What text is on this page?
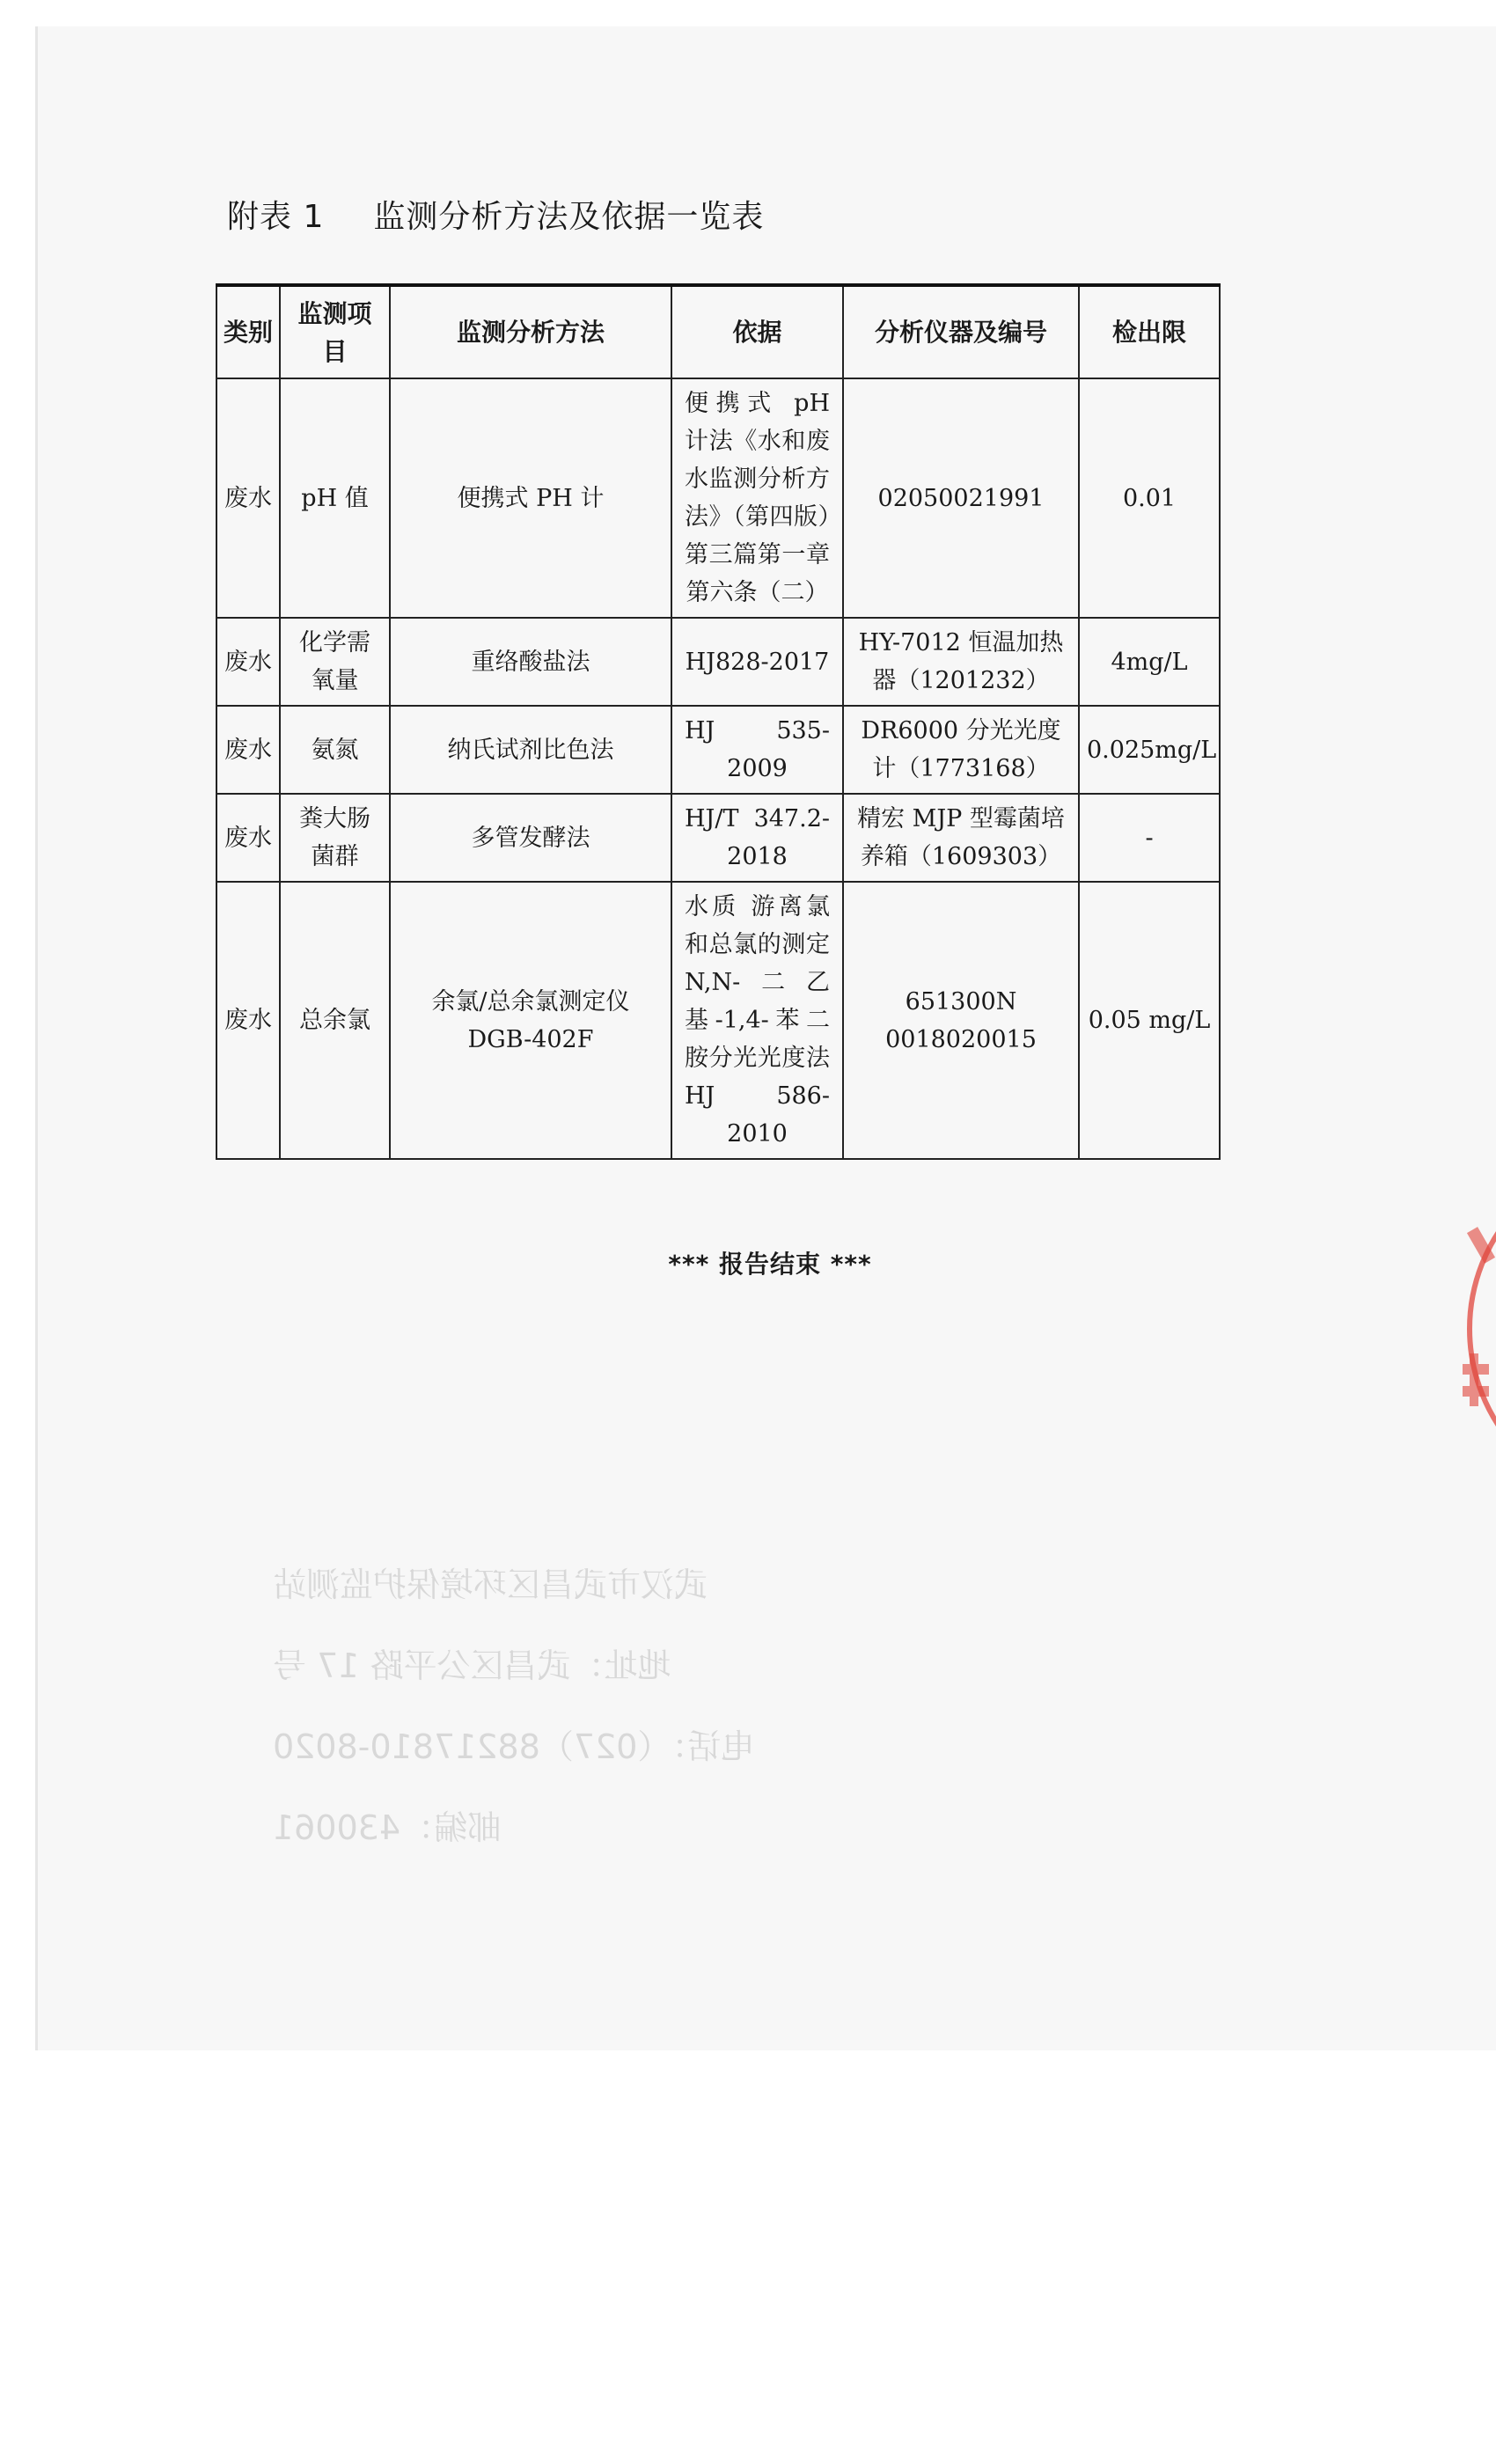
附表 1 监测分析方法及依据一览表
类别	监测项目	监测分析方法	依据	分析仪器及编号	检出限
废水	pH 值	便携式 PH 计	便携式 pH 计法《水和废水监测分析方法》（第四版）第三篇第一章第六条（二）	02050021991	0.01
废水	化学需氧量	重络酸盐法	HJ828-2017	HY-7012 恒温加热器（1201232）	4mg/L
废水	氨氮	纳氏试剂比色法	HJ 535-2009	DR6000 分光光度计（1773168）	0.025mg/L
废水	粪大肠菌群	多管发酵法	HJ/T 347.2-2018	精宏 MJP 型霉菌培养箱（1609303）	-
废水	总余氯	余氯/总余氯测定仪 DGB-402F	水质 游离氯和总氯的测定 N,N-二乙基-1,4-苯二胺分光光度法 HJ 586-2010	651300N 0018020015	0.05 mg/L
*** 报告结束 ***
武汉市武昌区环境保护监测站
地址：武昌区公平路 17 号
电话：（027）88217810-8020
邮编：430061
